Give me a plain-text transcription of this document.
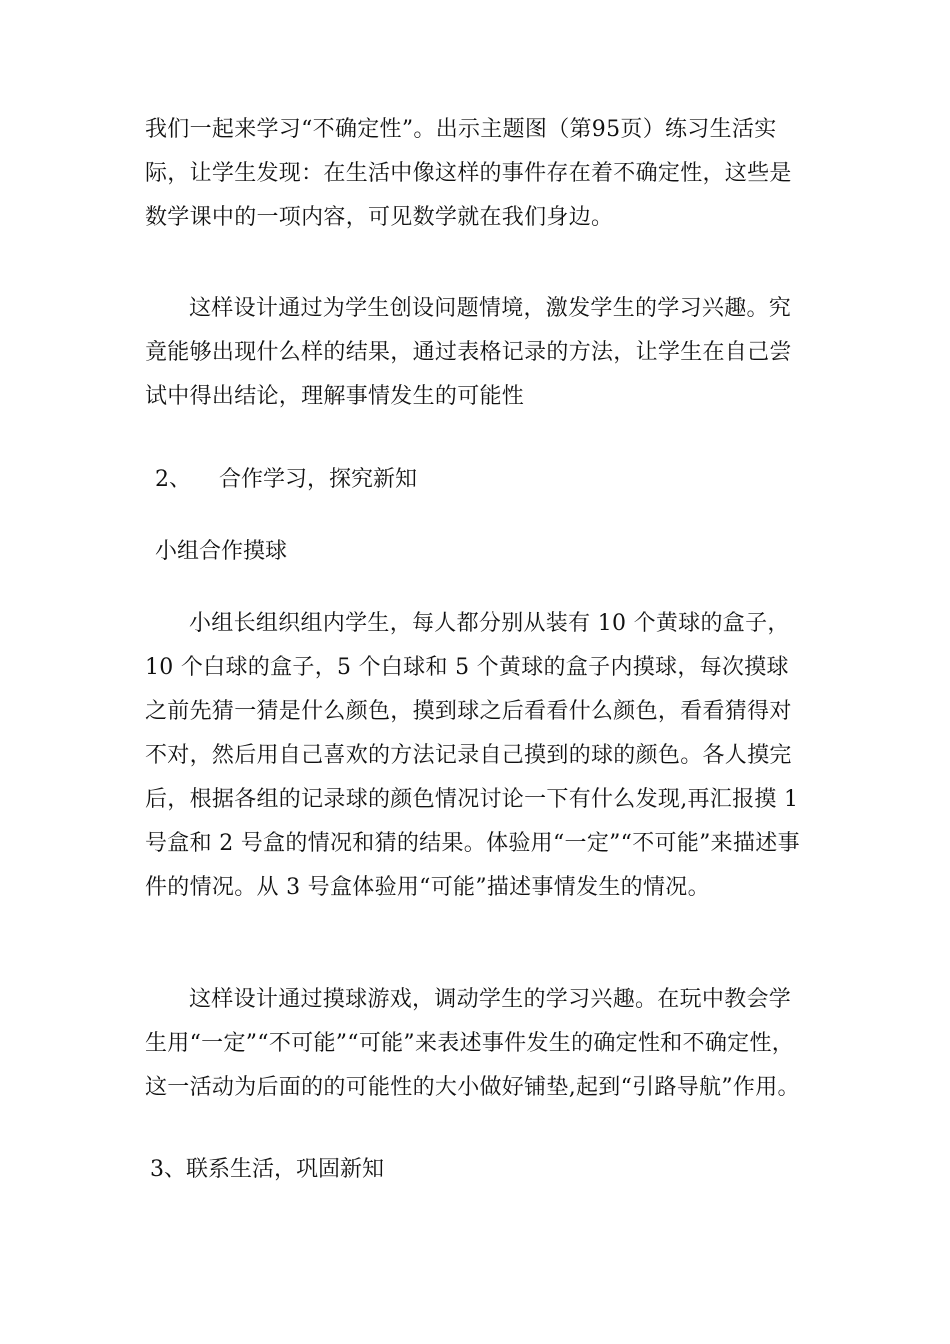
我们一起来学习“不确定性”。出示主题图（第95页）练习生活实际，让学生发现：在生活中像这样的事件存在着不确定性，这些是数学课中的一项内容，可见数学就在我们身边。

这样设计通过为学生创设问题情境，激发学生的学习兴趣。究竟能够出现什么样的结果，通过表格记录的方法，让学生在自己尝试中得出结论，理解事情发生的可能性

2、    合作学习，探究新知

小组合作摸球

小组长组织组内学生，每人都分别从装有 10 个黄球的盒子，10 个白球的盒子，5 个白球和 5 个黄球的盒子内摸球，每次摸球之前先猜一猜是什么颜色，摸到球之后看看什么颜色，看看猜得对不对，然后用自己喜欢的方法记录自己摸到的球的颜色。各人摸完后，根据各组的记录球的颜色情况讨论一下有什么发现,再汇报摸 1 号盒和 2 号盒的情况和猜的结果。体验用“一定”“不可能”来描述事件的情况。从 3 号盒体验用“可能”描述事情发生的情况。

这样设计通过摸球游戏，调动学生的学习兴趣。在玩中教会学生用“一定”“不可能”“可能”来表述事件发生的确定性和不确定性，这一活动为后面的的可能性的大小做好铺垫,起到“引路导航”作用。

3、联系生活，巩固新知
